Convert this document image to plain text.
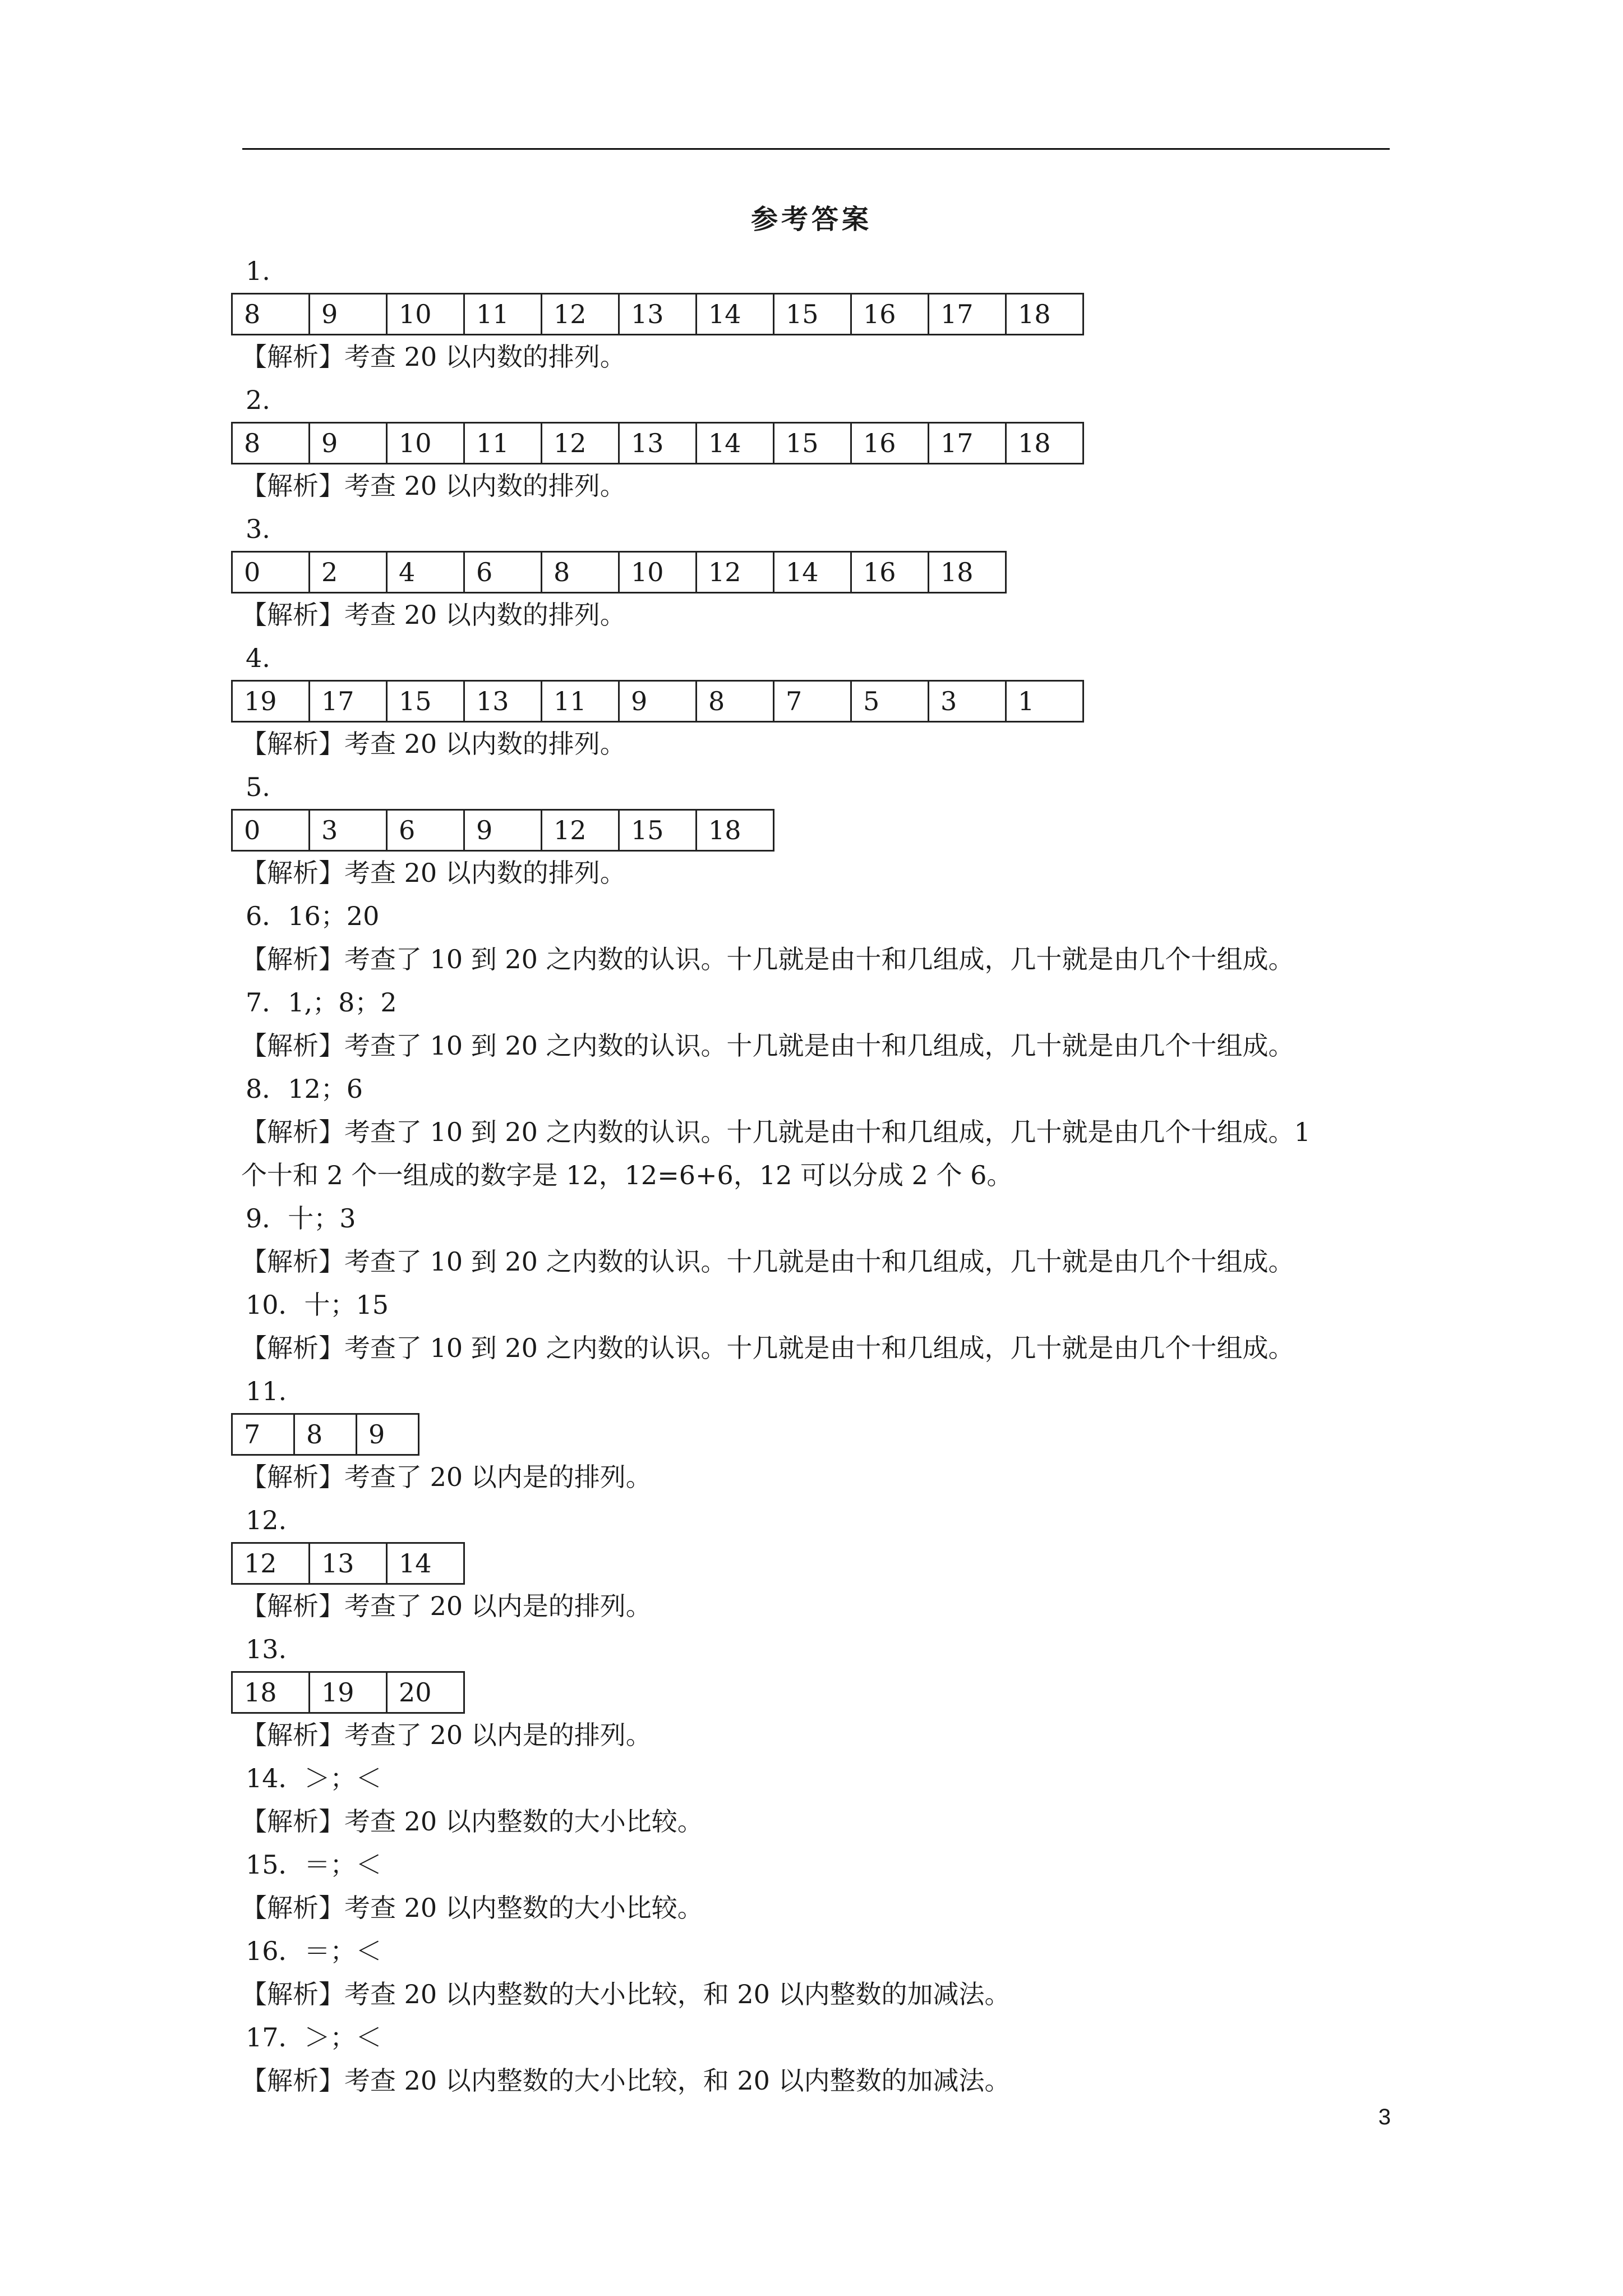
参考答案
1.
8	9	10	11	12	13	14	15	16	17	18
【解析】考查 20 以内数的排列。
2.
8	9	10	11	12	13	14	15	16	17	18
【解析】考查 20 以内数的排列。
3.
0	2	4	6	8	10	12	14	16	18
【解析】考查 20 以内数的排列。
4.
19	17	15	13	11	9	8	7	5	3	1
【解析】考查 20 以内数的排列。
5.
0	3	6	9	12	15	18
【解析】考查 20 以内数的排列。
6．16；20
【解析】考查了 10 到 20 之内数的认识。十几就是由十和几组成，几十就是由几个十组成。
7．1,；8；2
【解析】考查了 10 到 20 之内数的认识。十几就是由十和几组成，几十就是由几个十组成。
8．12；6
【解析】考查了 10 到 20 之内数的认识。十几就是由十和几组成，几十就是由几个十组成。1
个十和 2 个一组成的数字是 12，12=6+6，12 可以分成 2 个 6。
9．十；3
【解析】考查了 10 到 20 之内数的认识。十几就是由十和几组成，几十就是由几个十组成。
10．十；15
【解析】考查了 10 到 20 之内数的认识。十几就是由十和几组成，几十就是由几个十组成。
11.
7	8	9
【解析】考查了 20 以内是的排列。
12.
12	13	14
【解析】考查了 20 以内是的排列。
13.
18	19	20
【解析】考查了 20 以内是的排列。
14．＞；＜
【解析】考查 20 以内整数的大小比较。
15．＝；＜
【解析】考查 20 以内整数的大小比较。
16．＝；＜
【解析】考查 20 以内整数的大小比较，和 20 以内整数的加减法。
17．＞；＜
【解析】考查 20 以内整数的大小比较，和 20 以内整数的加减法。
3
